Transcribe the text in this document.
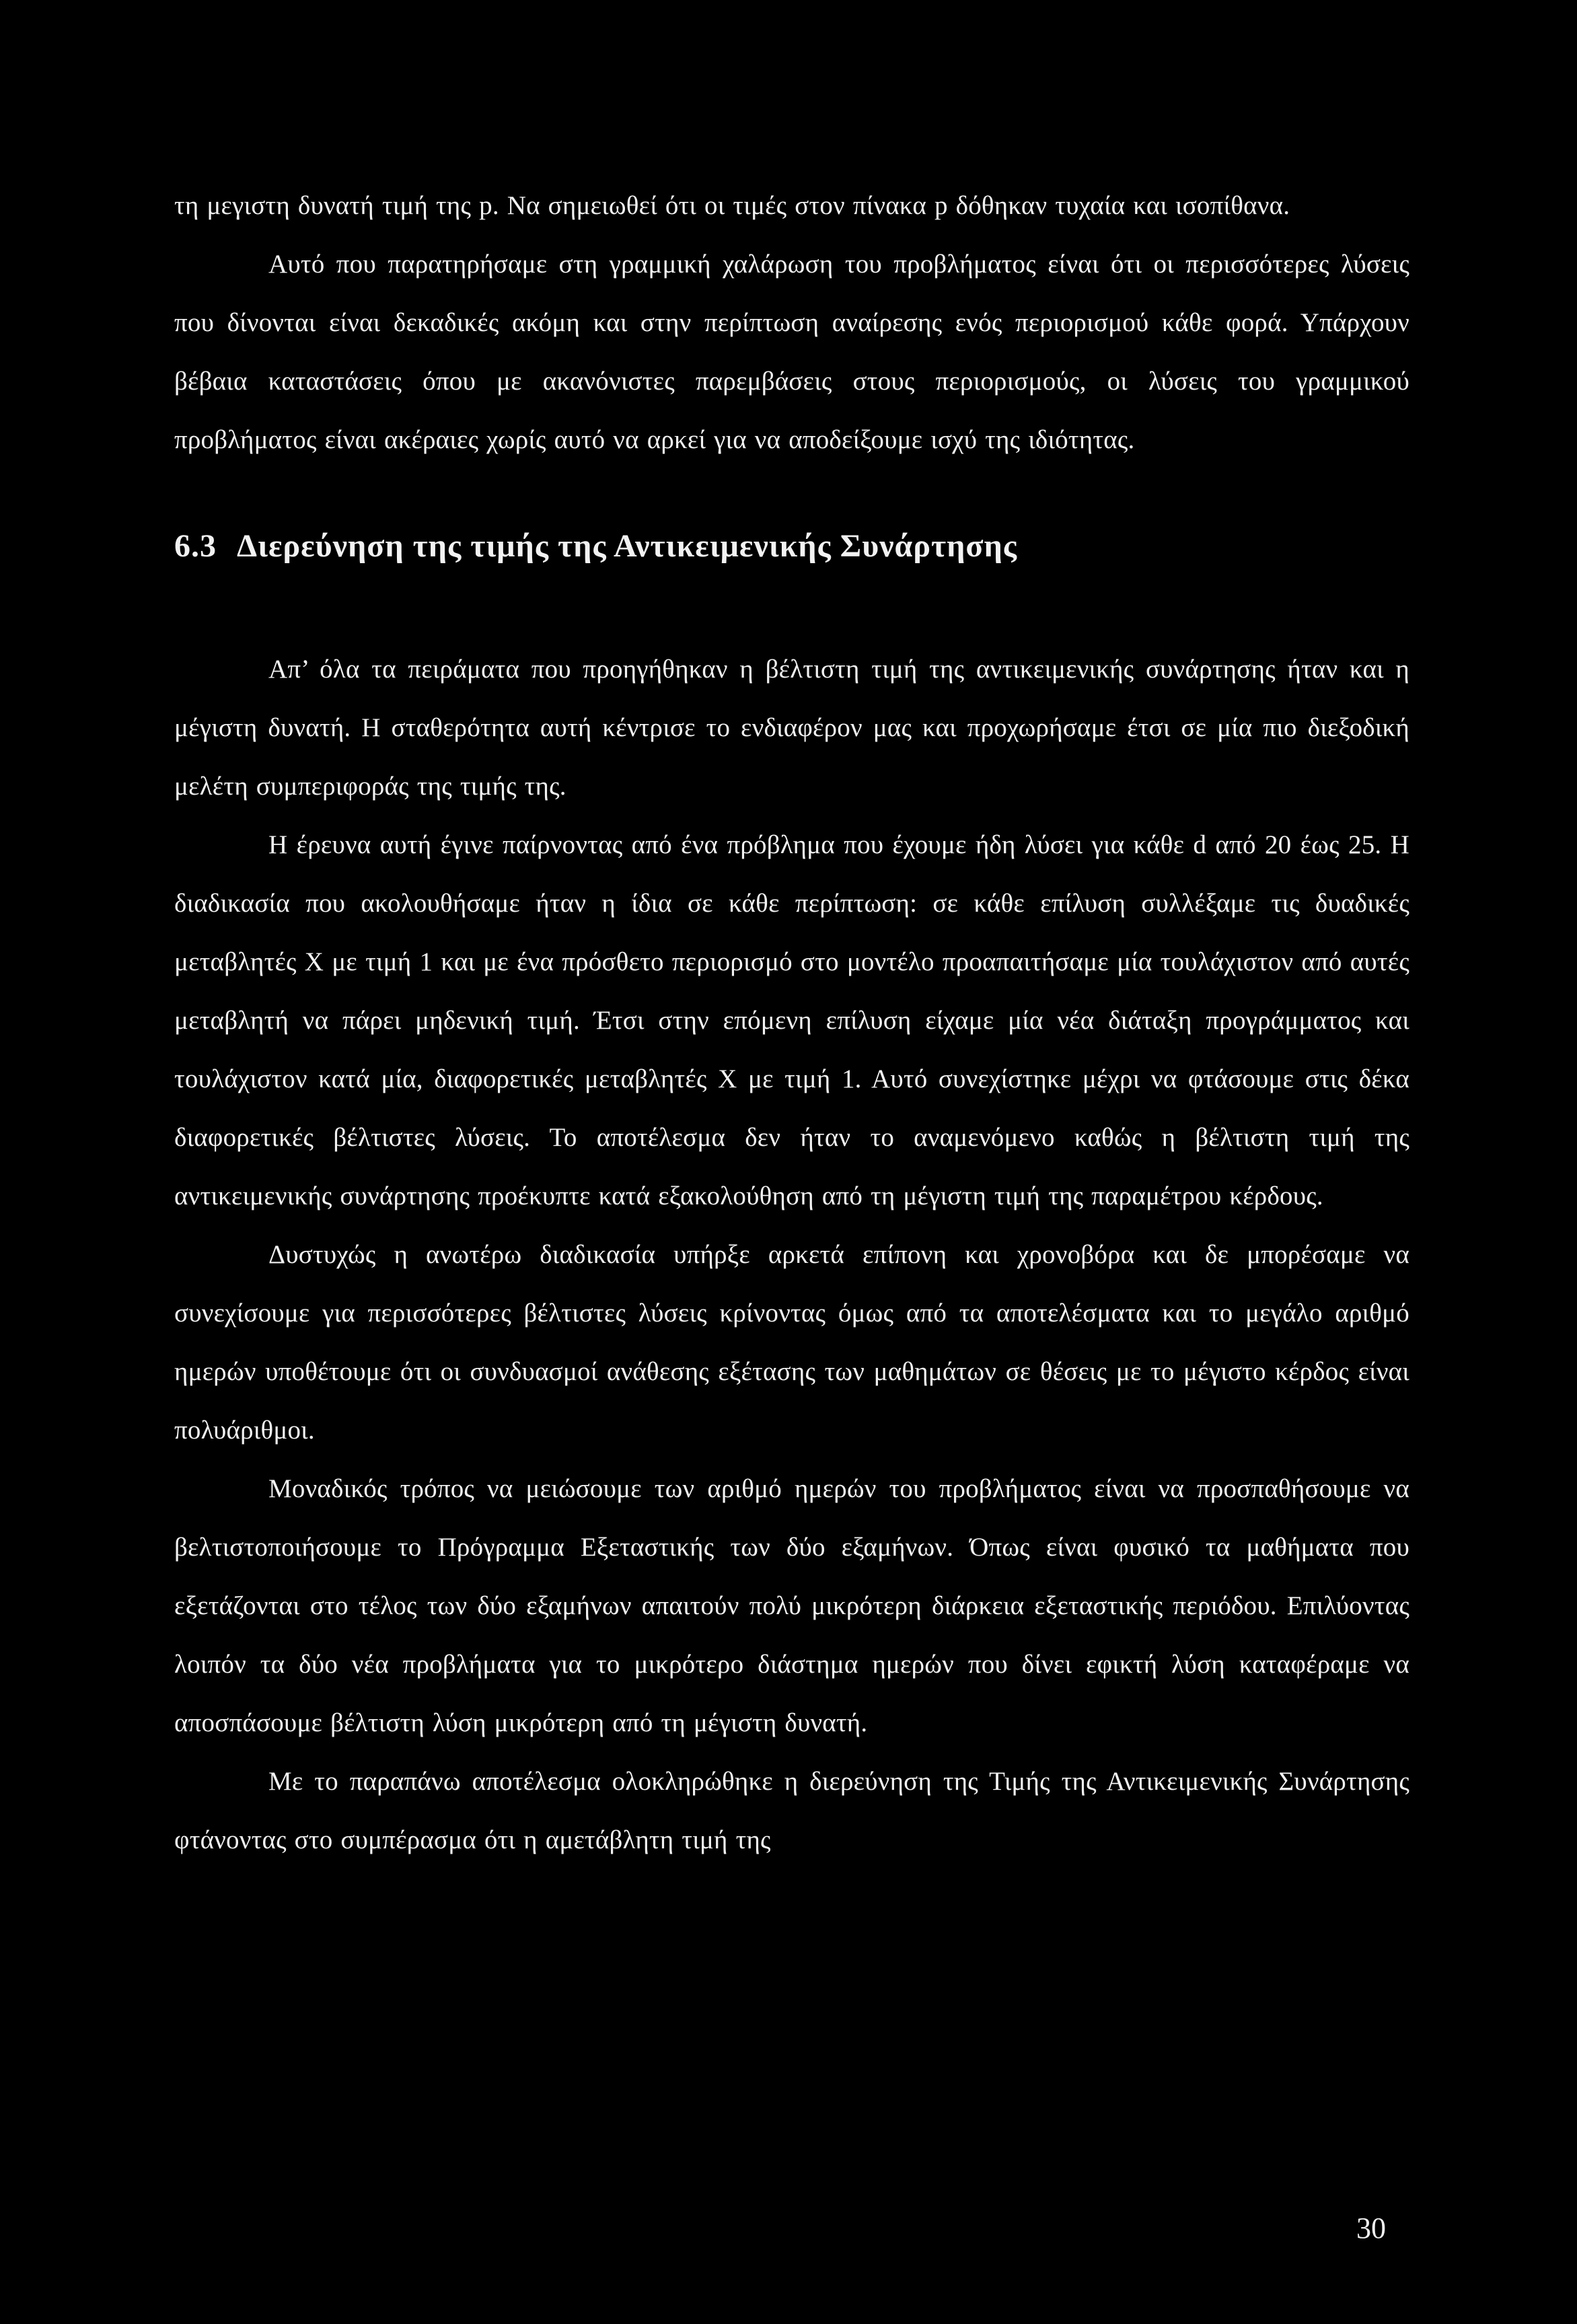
τη μεγιστη δυνατή τιμή της p. Να σημειωθεί ότι οι τιμές στον πίνακα p δόθηκαν τυχαία και ισοπίθανα.

Αυτό που παρατηρήσαμε στη γραμμική χαλάρωση του προβλήματος είναι ότι οι περισσότερες λύσεις που δίνονται είναι δεκαδικές ακόμη και στην περίπτωση αναίρεσης ενός περιορισμού κάθε φορά. Υπάρχουν βέβαια καταστάσεις όπου με ακανόνιστες παρεμβάσεις στους περιορισμούς, οι λύσεις του γραμμικού προβλήματος είναι ακέραιες χωρίς αυτό να αρκεί για να αποδείξουμε ισχύ της ιδιότητας.

6.3 Διερεύνηση της τιμής της Αντικειμενικής Συνάρτησης

Απ’ όλα τα πειράματα που προηγήθηκαν η βέλτιστη τιμή της αντικειμενικής συνάρτησης ήταν και η μέγιστη δυνατή. Η σταθερότητα αυτή κέντρισε το ενδιαφέρον μας και προχωρήσαμε έτσι σε μία πιο διεξοδική μελέτη συμπεριφοράς της τιμής της.

Η έρευνα αυτή έγινε παίρνοντας από ένα πρόβλημα που έχουμε ήδη λύσει για κάθε d από 20 έως 25. Η διαδικασία που ακολουθήσαμε ήταν η ίδια σε κάθε περίπτωση: σε κάθε επίλυση συλλέξαμε τις δυαδικές μεταβλητές X με τιμή 1 και με ένα πρόσθετο περιορισμό στο μοντέλο προαπαιτήσαμε μία τουλάχιστον από αυτές μεταβλητή να πάρει μηδενική τιμή. Έτσι στην επόμενη επίλυση είχαμε μία νέα διάταξη προγράμματος και τουλάχιστον κατά μία, διαφορετικές μεταβλητές X με τιμή 1. Αυτό συνεχίστηκε μέχρι να φτάσουμε στις δέκα διαφορετικές βέλτιστες λύσεις. Το αποτέλεσμα δεν ήταν το αναμενόμενο καθώς η βέλτιστη τιμή της αντικειμενικής συνάρτησης προέκυπτε κατά εξακολούθηση από τη μέγιστη τιμή της παραμέτρου κέρδους.

Δυστυχώς η ανωτέρω διαδικασία υπήρξε αρκετά επίπονη και χρονοβόρα και δε μπορέσαμε να συνεχίσουμε για περισσότερες βέλτιστες λύσεις κρίνοντας όμως από τα αποτελέσματα και το μεγάλο αριθμό ημερών υποθέτουμε ότι οι συνδυασμοί ανάθεσης εξέτασης των μαθημάτων σε θέσεις με το μέγιστο κέρδος είναι πολυάριθμοι.

Μοναδικός τρόπος να μειώσουμε των αριθμό ημερών του προβλήματος είναι να προσπαθήσουμε να βελτιστοποιήσουμε το Πρόγραμμα Εξεταστικής των δύο εξαμήνων. Όπως είναι φυσικό τα μαθήματα που εξετάζονται στο τέλος των δύο εξαμήνων απαιτούν πολύ μικρότερη διάρκεια εξεταστικής περιόδου. Επιλύοντας λοιπόν τα δύο νέα προβλήματα για το μικρότερο διάστημα ημερών που δίνει εφικτή λύση καταφέραμε να αποσπάσουμε βέλτιστη λύση μικρότερη από τη μέγιστη δυνατή.

Με το παραπάνω αποτέλεσμα ολοκληρώθηκε η διερεύνηση της Τιμής της Αντικειμενικής Συνάρτησης φτάνοντας στο συμπέρασμα ότι η αμετάβλητη τιμή της

30
